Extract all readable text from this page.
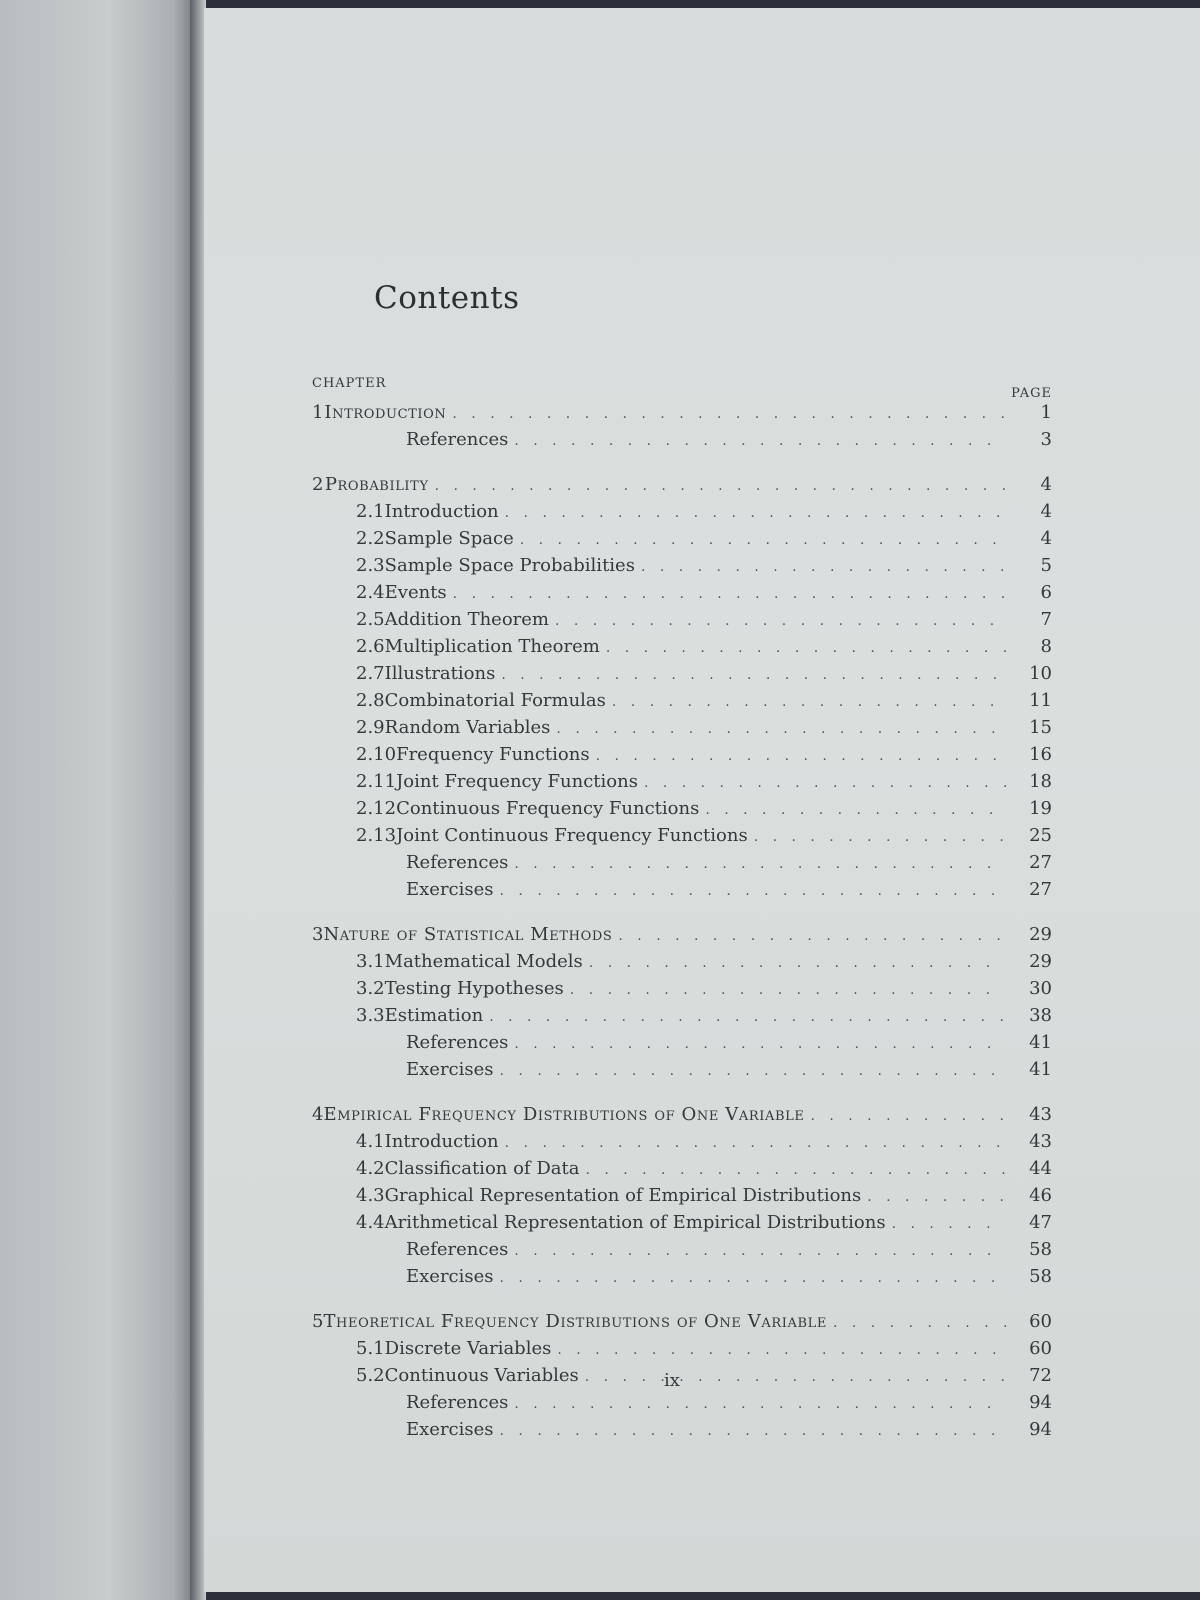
Contents
CHAPTER
PAGE
1 Introduction . . .	1
References . . .	3
2 Probability . . .	4
2.1 Introduction . . .	4
2.2 Sample Space . . .	4
2.3 Sample Space Probabilities . . .	5
2.4 Events . . .	6
2.5 Addition Theorem . . .	7
2.6 Multiplication Theorem . . .	8
2.7 Illustrations . . .	10
2.8 Combinatorial Formulas . . .	11
2.9 Random Variables . . .	15
2.10 Frequency Functions . . .	16
2.11 Joint Frequency Functions . . .	18
2.12 Continuous Frequency Functions . . .	19
2.13 Joint Continuous Frequency Functions . . .	25
References . . .	27
Exercises . . .	27
3 Nature of Statistical Methods . . .	29
3.1 Mathematical Models . . .	29
3.2 Testing Hypotheses . . .	30
3.3 Estimation . . .	38
References . . .	41
Exercises . . .	41
4 Empirical Frequency Distributions of One Variable . . .	43
4.1 Introduction . . .	43
4.2 Classification of Data . . .	44
4.3 Graphical Representation of Empirical Distributions . . .	46
4.4 Arithmetical Representation of Empirical Distributions . . .	47
References . . .	58
Exercises . . .	58
5 Theoretical Frequency Distributions of One Variable . . .	60
5.1 Discrete Variables . . .	60
5.2 Continuous Variables . . .	72
References . . .	94
Exercises . . .	94
ix
